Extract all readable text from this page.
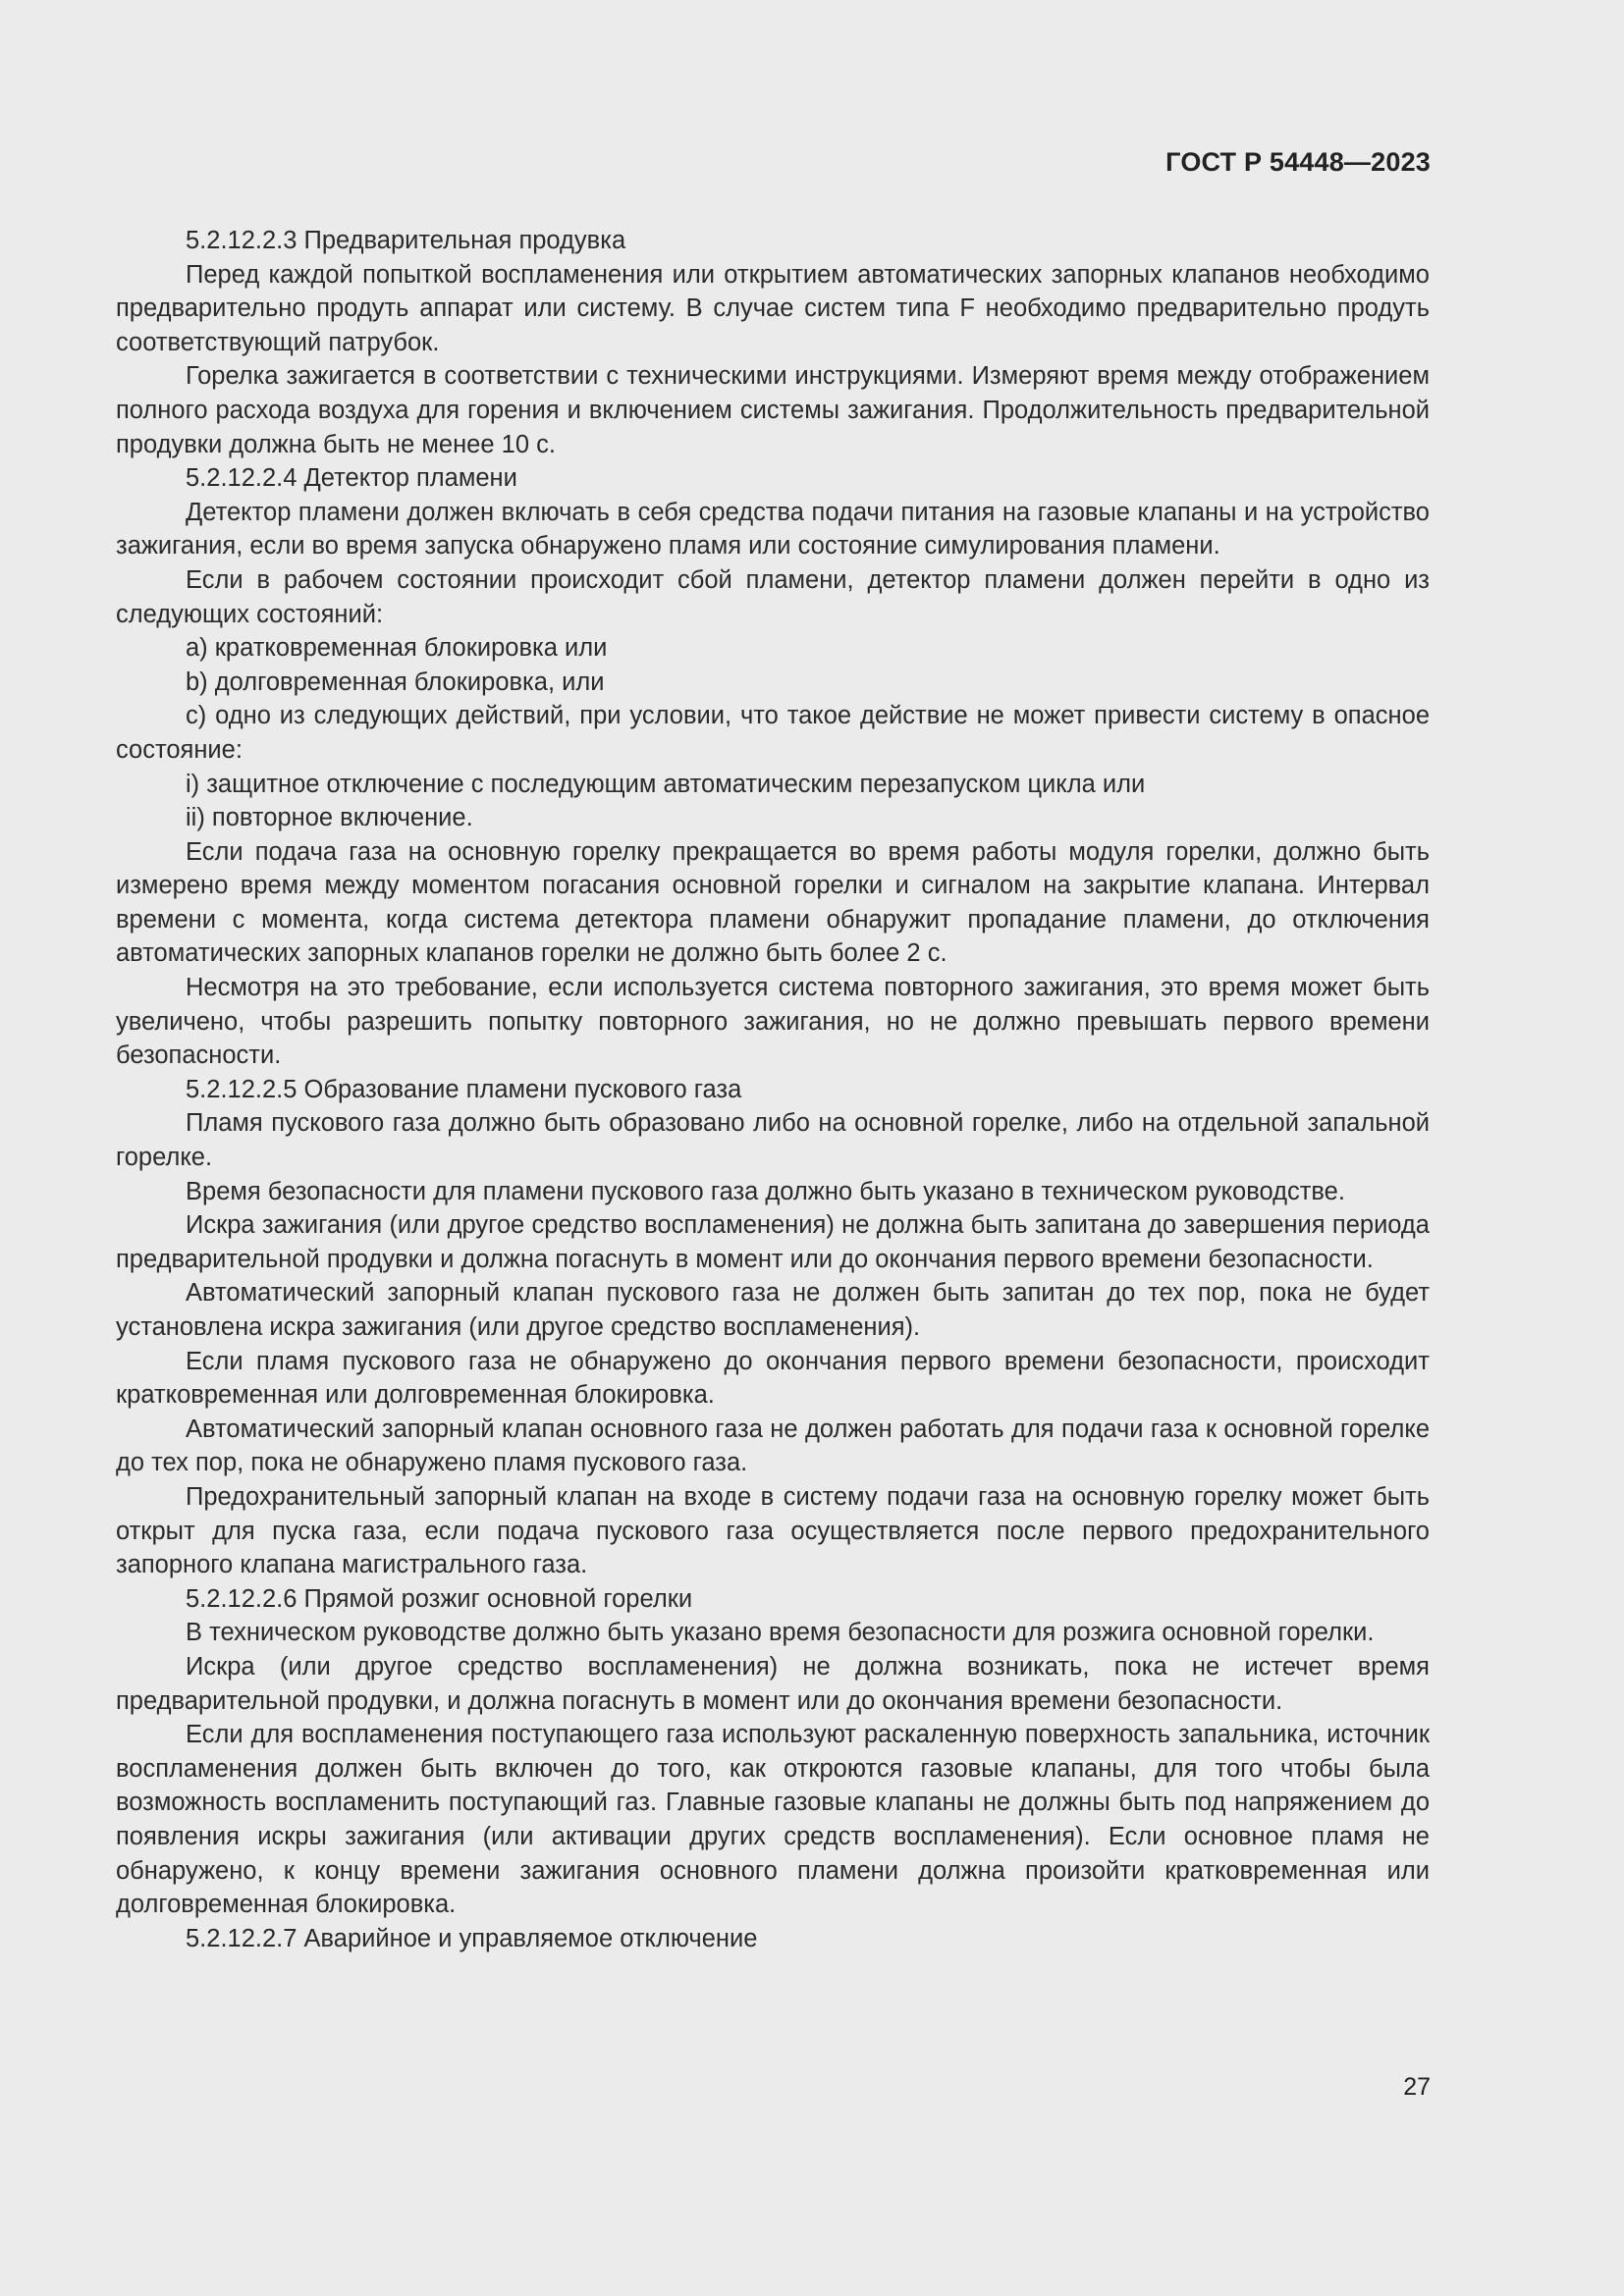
ГОСТ Р 54448—2023

5.2.12.2.3 Предварительная продувка

Перед каждой попыткой воспламенения или открытием автоматических запорных клапанов необходимо предварительно продуть аппарат или систему. В случае систем типа F необходимо предварительно продуть соответствующий патрубок.

Горелка зажигается в соответствии с техническими инструкциями. Измеряют время между отображением полного расхода воздуха для горения и включением системы зажигания. Продолжительность предварительной продувки должна быть не менее 10 с.

5.2.12.2.4 Детектор пламени

Детектор пламени должен включать в себя средства подачи питания на газовые клапаны и на устройство зажигания, если во время запуска обнаружено пламя или состояние симулирования пламени.

Если в рабочем состоянии происходит сбой пламени, детектор пламени должен перейти в одно из следующих состояний:

a) кратковременная блокировка или

b) долговременная блокировка, или

c) одно из следующих действий, при условии, что такое действие не может привести систему в опасное состояние:

i) защитное отключение с последующим автоматическим перезапуском цикла или

ii) повторное включение.

Если подача газа на основную горелку прекращается во время работы модуля горелки, должно быть измерено время между моментом погасания основной горелки и сигналом на закрытие клапана. Интервал времени с момента, когда система детектора пламени обнаружит пропадание пламени, до отключения автоматических запорных клапанов горелки не должно быть более 2 с.

Несмотря на это требование, если используется система повторного зажигания, это время может быть увеличено, чтобы разрешить попытку повторного зажигания, но не должно превышать первого времени безопасности.

5.2.12.2.5 Образование пламени пускового газа

Пламя пускового газа должно быть образовано либо на основной горелке, либо на отдельной запальной горелке.

Время безопасности для пламени пускового газа должно быть указано в техническом руководстве.

Искра зажигания (или другое средство воспламенения) не должна быть запитана до завершения периода предварительной продувки и должна погаснуть в момент или до окончания первого времени безопасности.

Автоматический запорный клапан пускового газа не должен быть запитан до тех пор, пока не будет установлена искра зажигания (или другое средство воспламенения).

Если пламя пускового газа не обнаружено до окончания первого времени безопасности, происходит кратковременная или долговременная блокировка.

Автоматический запорный клапан основного газа не должен работать для подачи газа к основной горелке до тех пор, пока не обнаружено пламя пускового газа.

Предохранительный запорный клапан на входе в систему подачи газа на основную горелку может быть открыт для пуска газа, если подача пускового газа осуществляется после первого предохранительного запорного клапана магистрального газа.

5.2.12.2.6 Прямой розжиг основной горелки

В техническом руководстве должно быть указано время безопасности для розжига основной горелки.

Искра (или другое средство воспламенения) не должна возникать, пока не истечет время предварительной продувки, и должна погаснуть в момент или до окончания времени безопасности.

Если для воспламенения поступающего газа используют раскаленную поверхность запальника, источник воспламенения должен быть включен до того, как откроются газовые клапаны, для того чтобы была возможность воспламенить поступающий газ. Главные газовые клапаны не должны быть под напряжением до появления искры зажигания (или активации других средств воспламенения). Если основное пламя не обнаружено, к концу времени зажигания основного пламени должна произойти кратковременная или долговременная блокировка.

5.2.12.2.7 Аварийное и управляемое отключение

27
